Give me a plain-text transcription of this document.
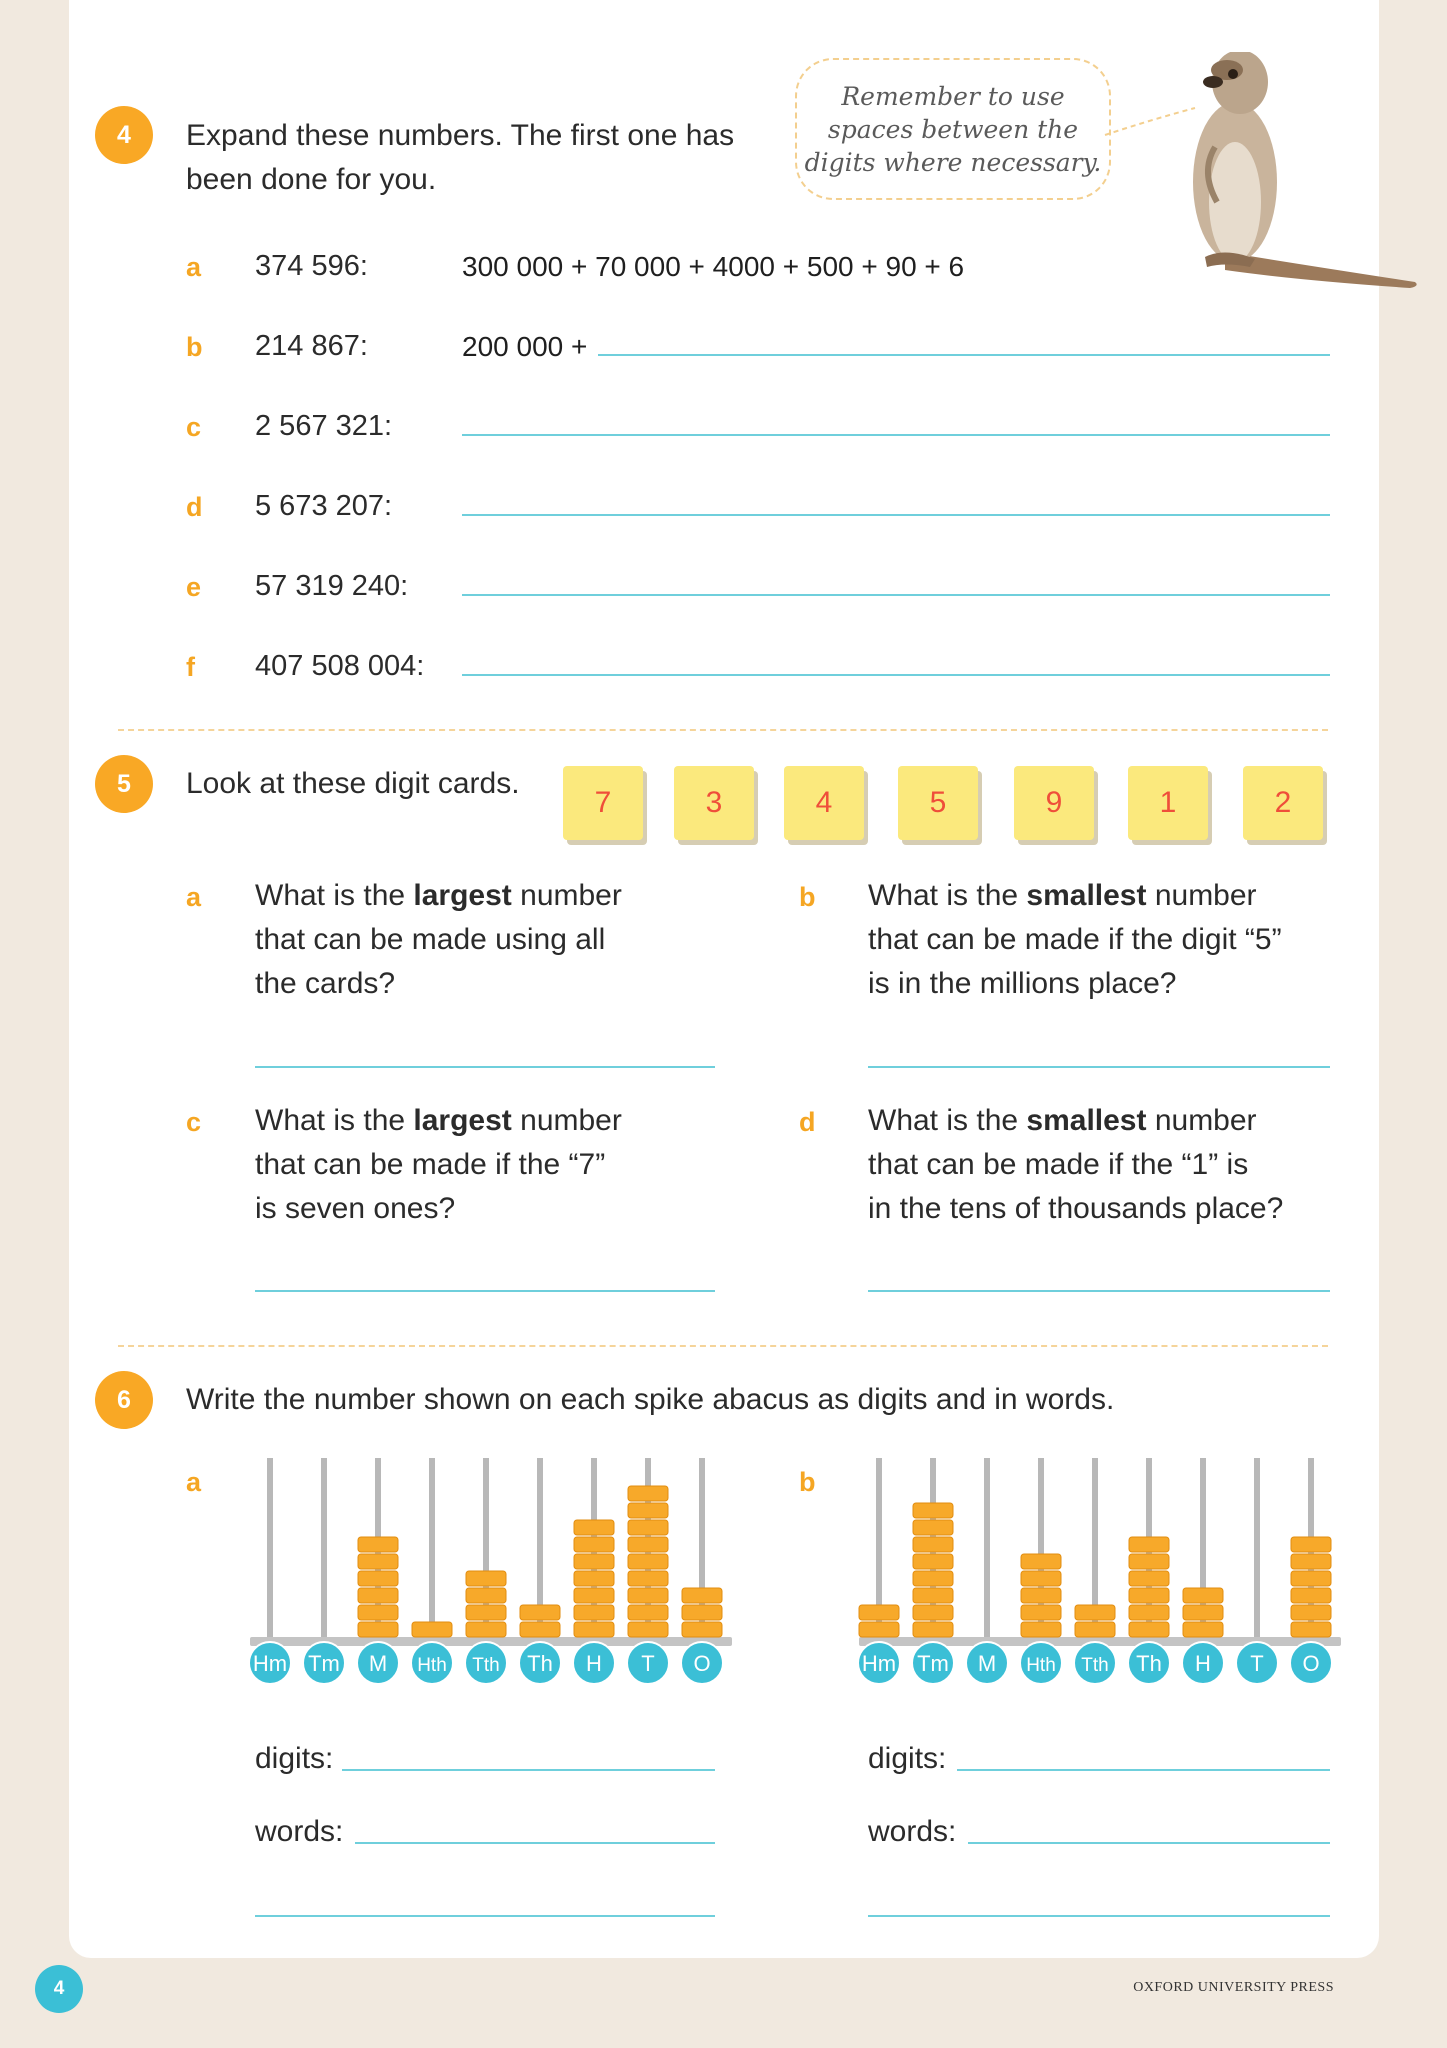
4	Expand these numbers. The first one has
been done for you.
Remember to use
spaces between the
digits where necessary.
a 374 596:	300 000 + 70 000 + 4000 + 500 + 90 + 6
b 214 867:	200 000 +
c 2 567 321:
d 5 673 207:
e 57 319 240:
f 407 508 004:
5	Look at these digit cards.
7	3	4	5	9	1	2
a What is the largest number
that can be made using all
the cards?
b What is the smallest number
that can be made if the digit “5”
is in the millions place?
c What is the largest number
that can be made if the “7”
is seven ones?
d What is the smallest number
that can be made if the “1” is
in the tens of thousands place?
6	Write the number shown on each spike abacus as digits and in words.
a	b
Hm Tm M Hth Tth Th H T O	Hm Tm M Hth Tth Th H T O
digits:
words:
digits:
words:
4	OXFORD UNIVERSITY PRESS
